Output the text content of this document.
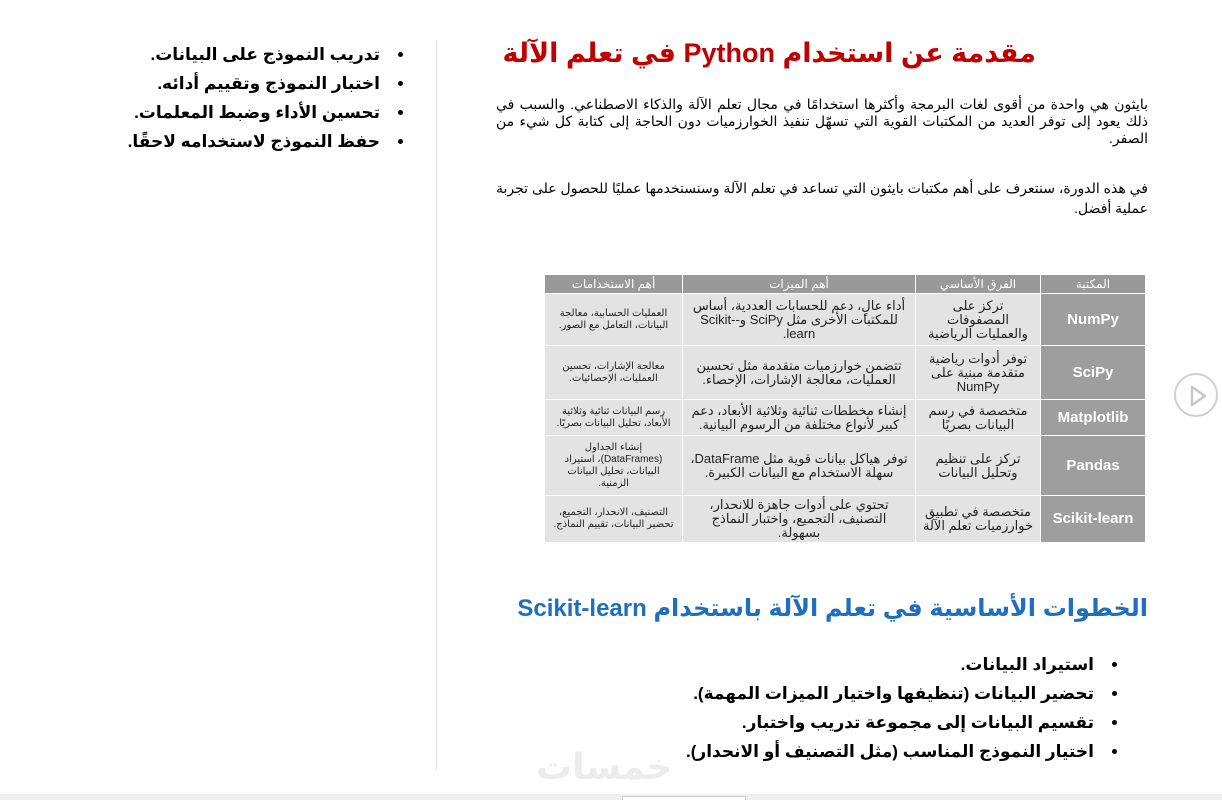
مقدمة عن استخدام Python في تعلم الآلة

بايثون هي واحدة من أقوى لغات البرمجة وأكثرها استخدامًا في مجال تعلم الآلة والذكاء الاصطناعي. والسبب في ذلك يعود إلى توفر العديد من المكتبات القوية التي تسهّل تنفيذ الخوارزميات دون الحاجة إلى كتابة كل شيء من الصفر.

في هذه الدورة، سنتعرف على أهم مكتبات بايثون التي تساعد في تعلم الآلة وسنستخدمها عمليًا للحصول على تجربة عملية أفضل.

المكتبة	الفرق الأساسي	أهم الميزات	أهم الاستخدامات
NumPy	تركز على المصفوفات والعمليات الرياضية	أداء عالٍ، دعم للحسابات العددية، أساس للمكتبات الأخرى مثل SciPy و-Scikit-learn.	العمليات الحسابية، معالجة البيانات، التعامل مع الصور.
SciPy	توفر أدوات رياضية متقدمة مبنية على NumPy	تتضمن خوارزميات متقدمة مثل تحسين العمليات، معالجة الإشارات، الإحصاء.	معالجة الإشارات، تحسين العمليات، الإحصائيات.
Matplotlib	متخصصة في رسم البيانات بصريًا	إنشاء مخططات ثنائية وثلاثية الأبعاد، دعم كبير لأنواع مختلفة من الرسوم البيانية.	رسم البيانات ثنائية وثلاثية الأبعاد، تحليل البيانات بصريًا.
Pandas	تركز على تنظيم وتحليل البيانات	توفر هياكل بيانات قوية مثل DataFrame، سهلة الاستخدام مع البيانات الكبيرة.	إنشاء الجداول (DataFrames)، استيراد البيانات، تحليل البيانات الزمنية.
Scikit-learn	متخصصة في تطبيق خوارزميات تعلم الآلة	تحتوي على أدوات جاهزة للانحدار، التصنيف، التجميع، واختبار النماذج بسهولة.	التصنيف، الانحدار، التجميع، تحضير البيانات، تقييم النماذج.
الخطوات الأساسية في تعلم الآلة باستخدام Scikit-learn
• استيراد البيانات.
• تحضير البيانات (تنظيفها واختيار الميزات المهمة).
• تقسيم البيانات إلى مجموعة تدريب واختبار.
• اختيار النموذج المناسب (مثل التصنيف أو الانحدار).
• تدريب النموذج على البيانات.
• اختبار النموذج وتقييم أدائه.
• تحسين الأداء وضبط المعلمات.
• حفظ النموذج لاستخدامه لاحقًا.
خمسات
